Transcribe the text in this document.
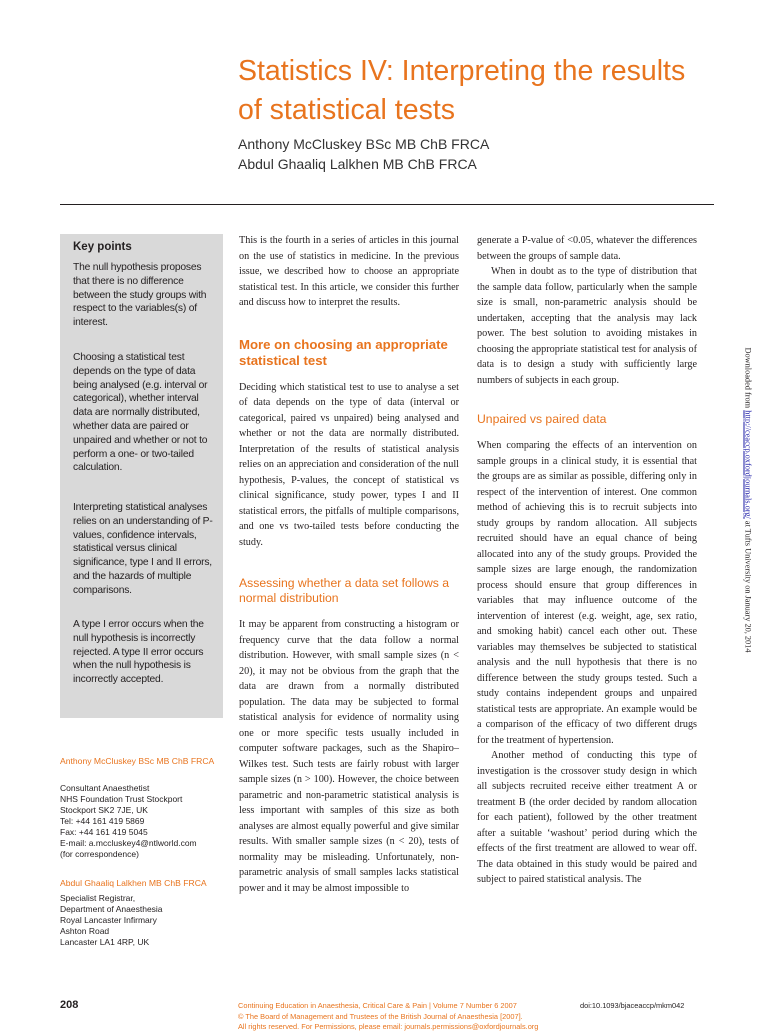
Statistics IV: Interpreting the results of statistical tests
Anthony McCluskey BSc MB ChB FRCA
Abdul Ghaaliq Lalkhen MB ChB FRCA
Key points

The null hypothesis proposes that there is no difference between the study groups with respect to the variables(s) of interest.

Choosing a statistical test depends on the type of data being analysed (e.g. interval or categorical), whether interval data are normally distributed, whether data are paired or unpaired and whether or not to perform a one- or two-tailed calculation.

Interpreting statistical analyses relies on an understanding of P-values, confidence intervals, statistical versus clinical significance, type I and II errors, and the hazards of multiple comparisons.

A type I error occurs when the null hypothesis is incorrectly rejected. A type II error occurs when the null hypothesis is incorrectly accepted.

Anthony McCluskey BSc MB ChB FRCA
Consultant Anaesthetist
NHS Foundation Trust Stockport
Stockport SK2 7JE, UK
Tel: +44 161 419 5869
Fax: +44 161 419 5045
E-mail: a.mccluskey4@ntlworld.com
(for correspondence)
Abdul Ghaaliq Lalkhen MB ChB FRCA
Specialist Registrar,
Department of Anaesthesia
Royal Lancaster Infirmary
Ashton Road
Lancaster LA1 4RP, UK

This is the fourth in a series of articles in this journal on the use of statistics in medicine. In the previous issue, we described how to choose an appropriate statistical test. In this article, we consider this further and discuss how to interpret the results.

More on choosing an appropriate statistical test

Deciding which statistical test to use to analyse a set of data depends on the type of data (interval or categorical, paired vs unpaired) being analysed and whether or not the data are normally distributed. Interpretation of the results of statistical analysis relies on an appreciation and consideration of the null hypothesis, P-values, the concept of statistical vs clinical significance, study power, types I and II statistical errors, the pitfalls of multiple comparisons, and one vs two-tailed tests before conducting the study.

Assessing whether a data set follows a normal distribution

It may be apparent from constructing a histogram or frequency curve that the data follow a normal distribution. However, with small sample sizes (n < 20), it may not be obvious from the graph that the data are drawn from a normally distributed population. The data may be subjected to formal statistical analysis for evidence of normality using one or more specific tests usually included in computer software packages, such as the Shapiro–Wilkes test. Such tests are fairly robust with larger sample sizes (n > 100). However, the choice between parametric and non-parametric statistical analysis is less important with samples of this size as both analyses are almost equally powerful and give similar results. With smaller sample sizes (n < 20), tests of normality may be misleading. Unfortunately, non-parametric analysis of small samples lacks statistical power and it may be almost impossible to

generate a P-value of <0.05, whatever the differences between the groups of sample data.

When in doubt as to the type of distribution that the sample data follow, particularly when the sample size is small, non-parametric analysis should be undertaken, accepting that the analysis may lack power. The best solution to avoiding mistakes in choosing the appropriate statistical test for analysis of data is to design a study with sufficiently large numbers of subjects in each group.

Unpaired vs paired data

When comparing the effects of an intervention on sample groups in a clinical study, it is essential that the groups are as similar as possible, differing only in respect of the intervention of interest. One common method of achieving this is to recruit subjects into study groups by random allocation. All subjects recruited should have an equal chance of being allocated into any of the study groups. Provided the sample sizes are large enough, the randomization process should ensure that group differences in variables that may influence outcome of the intervention of interest (e.g. weight, age, sex ratio, and smoking habit) cancel each other out. These variables may themselves be subjected to statistical analysis and the null hypothesis that there is no difference between the study groups tested. Such a study contains independent groups and unpaired statistical tests are appropriate. An example would be a comparison of the efficacy of two different drugs for the treatment of hypertension.

Another method of conducting this type of investigation is the crossover study design in which all subjects recruited receive either treatment A or treatment B (the order decided by random allocation for each patient), followed by the other treatment after a suitable ‘washout’ period during which the effects of the first treatment are allowed to wear off. The data obtained in this study would be paired and subject to paired statistical analysis. The

Downloaded from http://ceaccp.oxfordjournals.org/ at Tufts University on January 20, 2014
208	Continuing Education in Anaesthesia, Critical Care & Pain | Volume 7 Number 6 2007	doi:10.1093/bjaceaccp/mkm042
© The Board of Management and Trustees of the British Journal of Anaesthesia [2007].
All rights reserved. For Permissions, please email: journals.permissions@oxfordjournals.org
